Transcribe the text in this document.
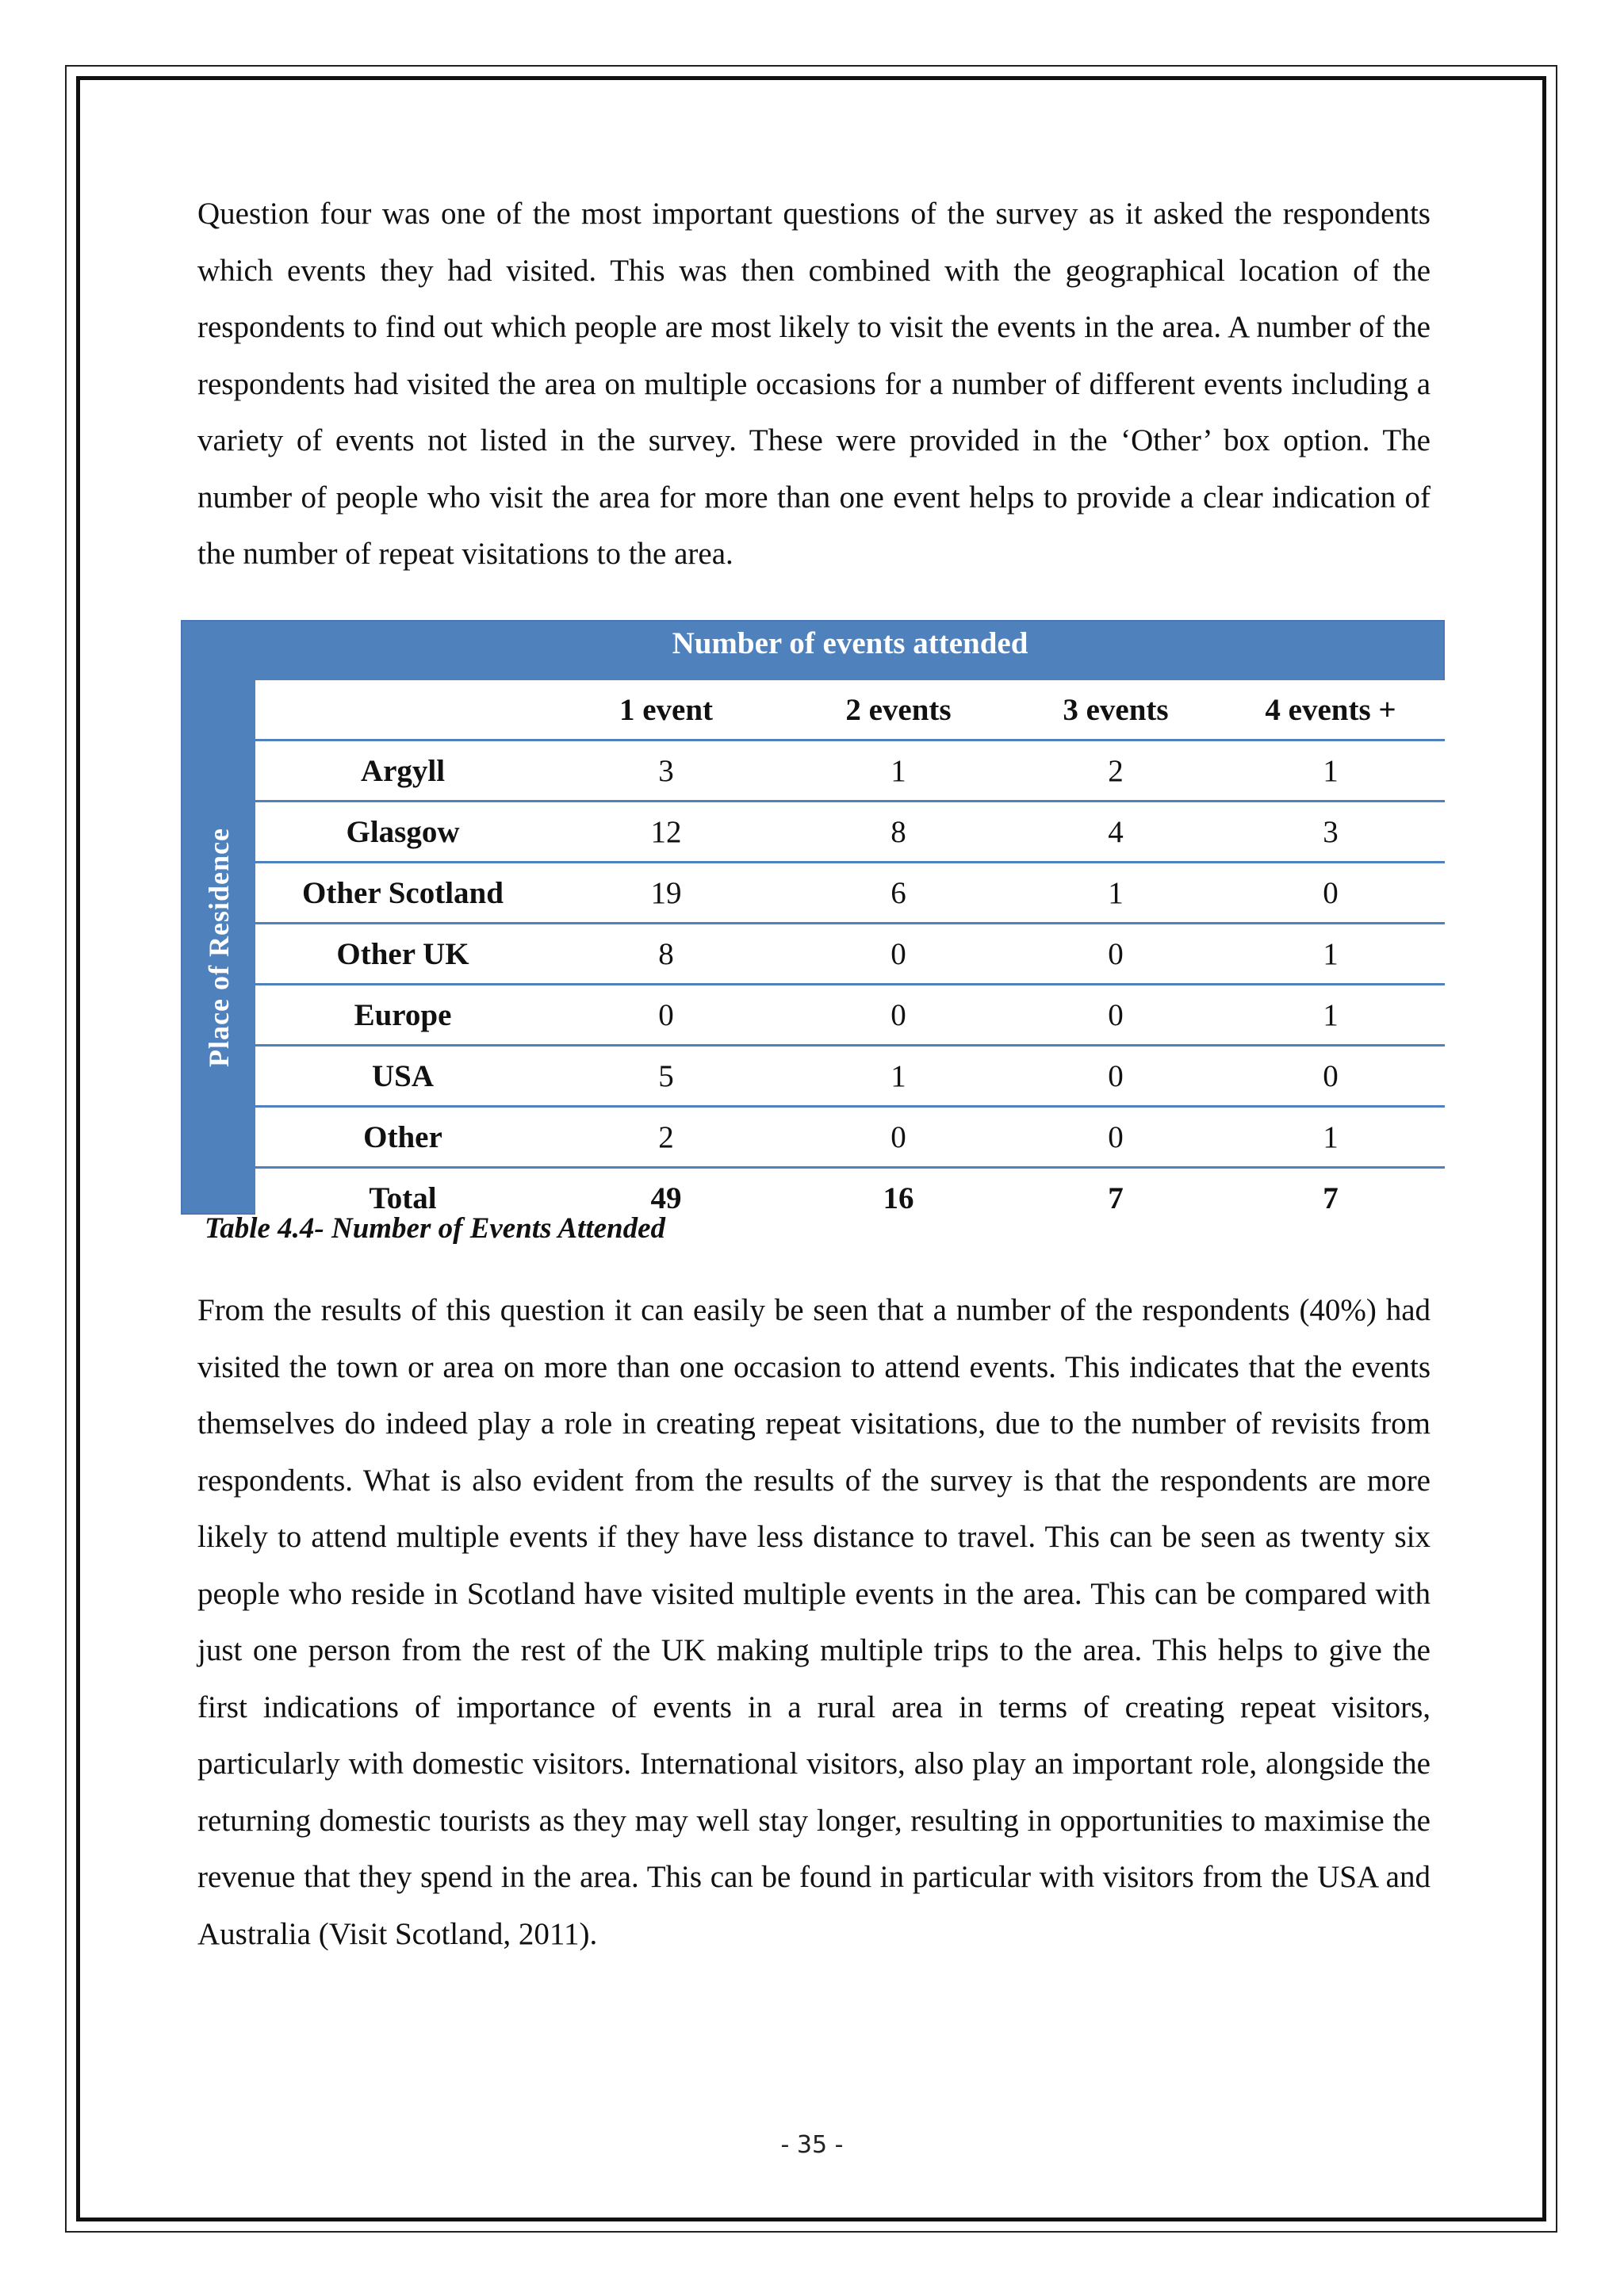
Question four was one of the most important questions of the survey as it asked the respondents which events they had visited. This was then combined with the geographical location of the respondents to find out which people are most likely to visit the events in the area. A number of the respondents had visited the area on multiple occasions for a number of different events including a variety of events not listed in the survey. These were provided in the ‘Other’ box option. The number of people who visit the area for more than one event helps to provide a clear indication of the number of repeat visitations to the area.

Number of events attended
Place of Residence
	1 event	2 events	3 events	4 events +
Argyll	3	1	2	1
Glasgow	12	8	4	3
Other Scotland	19	6	1	0
Other UK	8	0	0	1
Europe	0	0	0	1
USA	5	1	0	0
Other	2	0	0	1
Total	49	16	7	7
Table 4.4- Number of Events Attended

From the results of this question it can easily be seen that a number of the respondents (40%) had visited the town or area on more than one occasion to attend events. This indicates that the events themselves do indeed play a role in creating repeat visitations, due to the number of revisits from respondents. What is also evident from the results of the survey is that the respondents are more likely to attend multiple events if they have less distance to travel. This can be seen as twenty six people who reside in Scotland have visited multiple events in the area. This can be compared with just one person from the rest of the UK making multiple trips to the area. This helps to give the first indications of importance of events in a rural area in terms of creating repeat visitors, particularly with domestic visitors. International visitors, also play an important role, alongside the returning domestic tourists as they may well stay longer, resulting in opportunities to maximise the revenue that they spend in the area. This can be found in particular with visitors from the USA and Australia (Visit Scotland, 2011).

- 35 -
